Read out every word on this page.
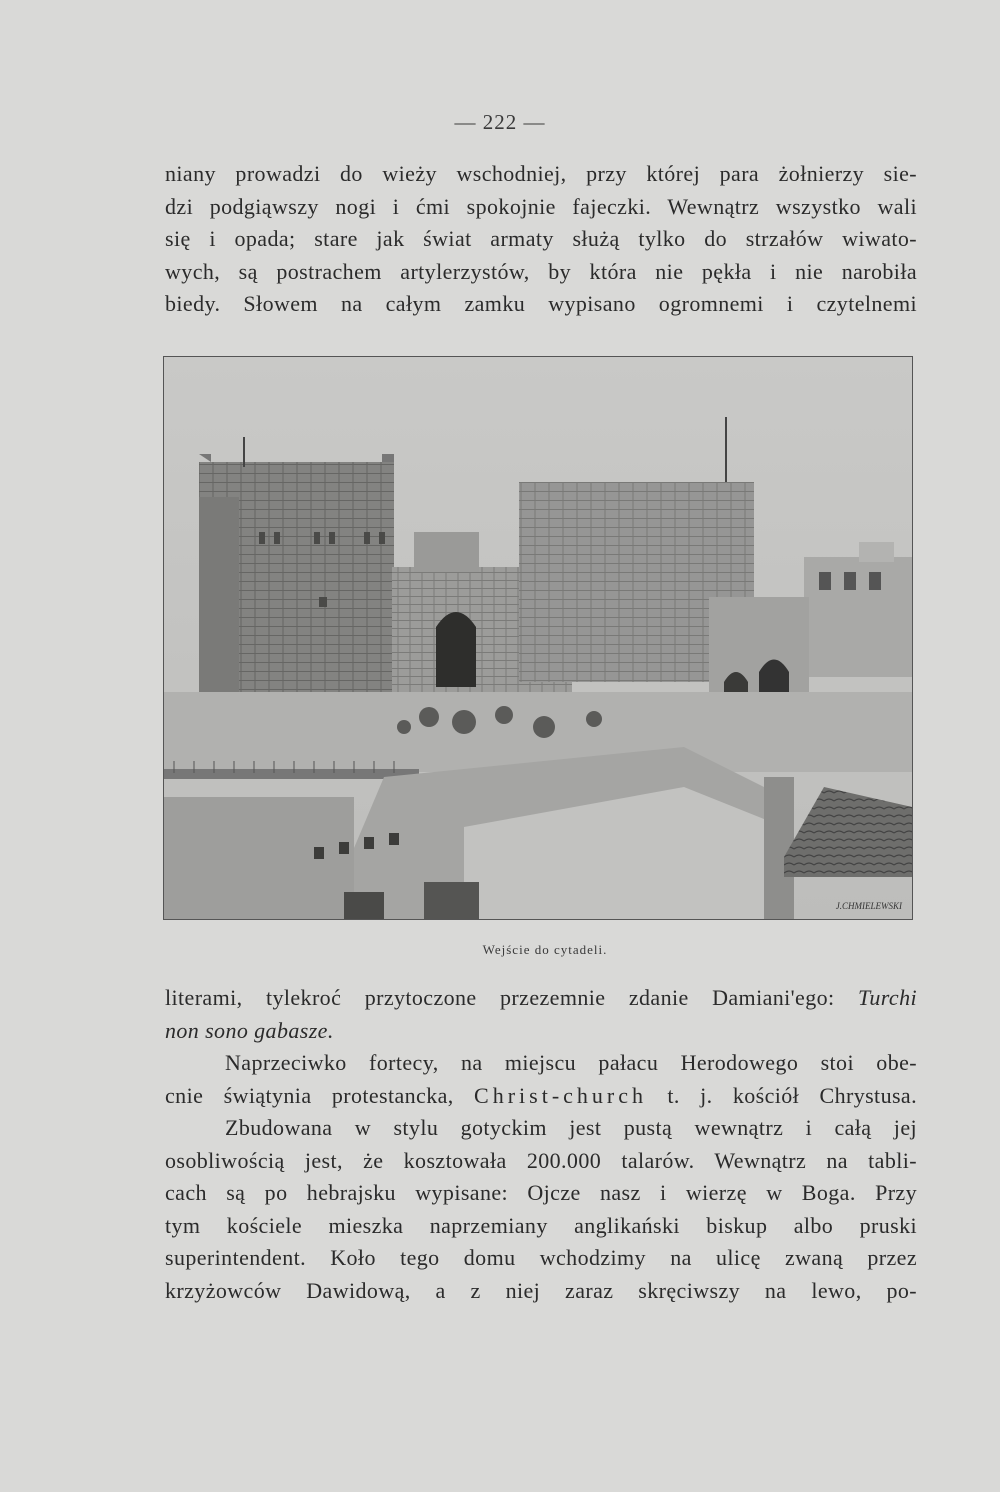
— 222 —
niany prowadzi do wieży wschodniej, przy której para żołnierzy sie-
dzi podgiąwszy nogi i ćmi spokojnie fajeczki. Wewnątrz wszystko wali
się i opada; stare jak świat armaty służą tylko do strzałów wiwato-
wych, są postrachem artylerzystów, by która nie pękła i nie narobiła
biedy. Słowem na całym zamku wypisano ogromnemi i czytelnemi
J.CHMIELEWSKI
Wejście do cytadeli.
literami, tylekroć przytoczone przezemnie zdanie Damiani'ego: Turchi
non sono gabasze.
Naprzeciwko fortecy, na miejscu pałacu Herodowego stoi obe-
cnie świątynia protestancka, Christ-church t. j. kościół Chrystusa.
Zbudowana w stylu gotyckim jest pustą wewnątrz i całą jej
osobliwością jest, że kosztowała 200.000 talarów. Wewnątrz na tabli-
cach są po hebrajsku wypisane: Ojcze nasz i wierzę w Boga. Przy
tym kościele mieszka naprzemiany anglikański biskup albo pruski
superintendent. Koło tego domu wchodzimy na ulicę zwaną przez
krzyżowców Dawidową, a z niej zaraz skręciwszy na lewo, po-
